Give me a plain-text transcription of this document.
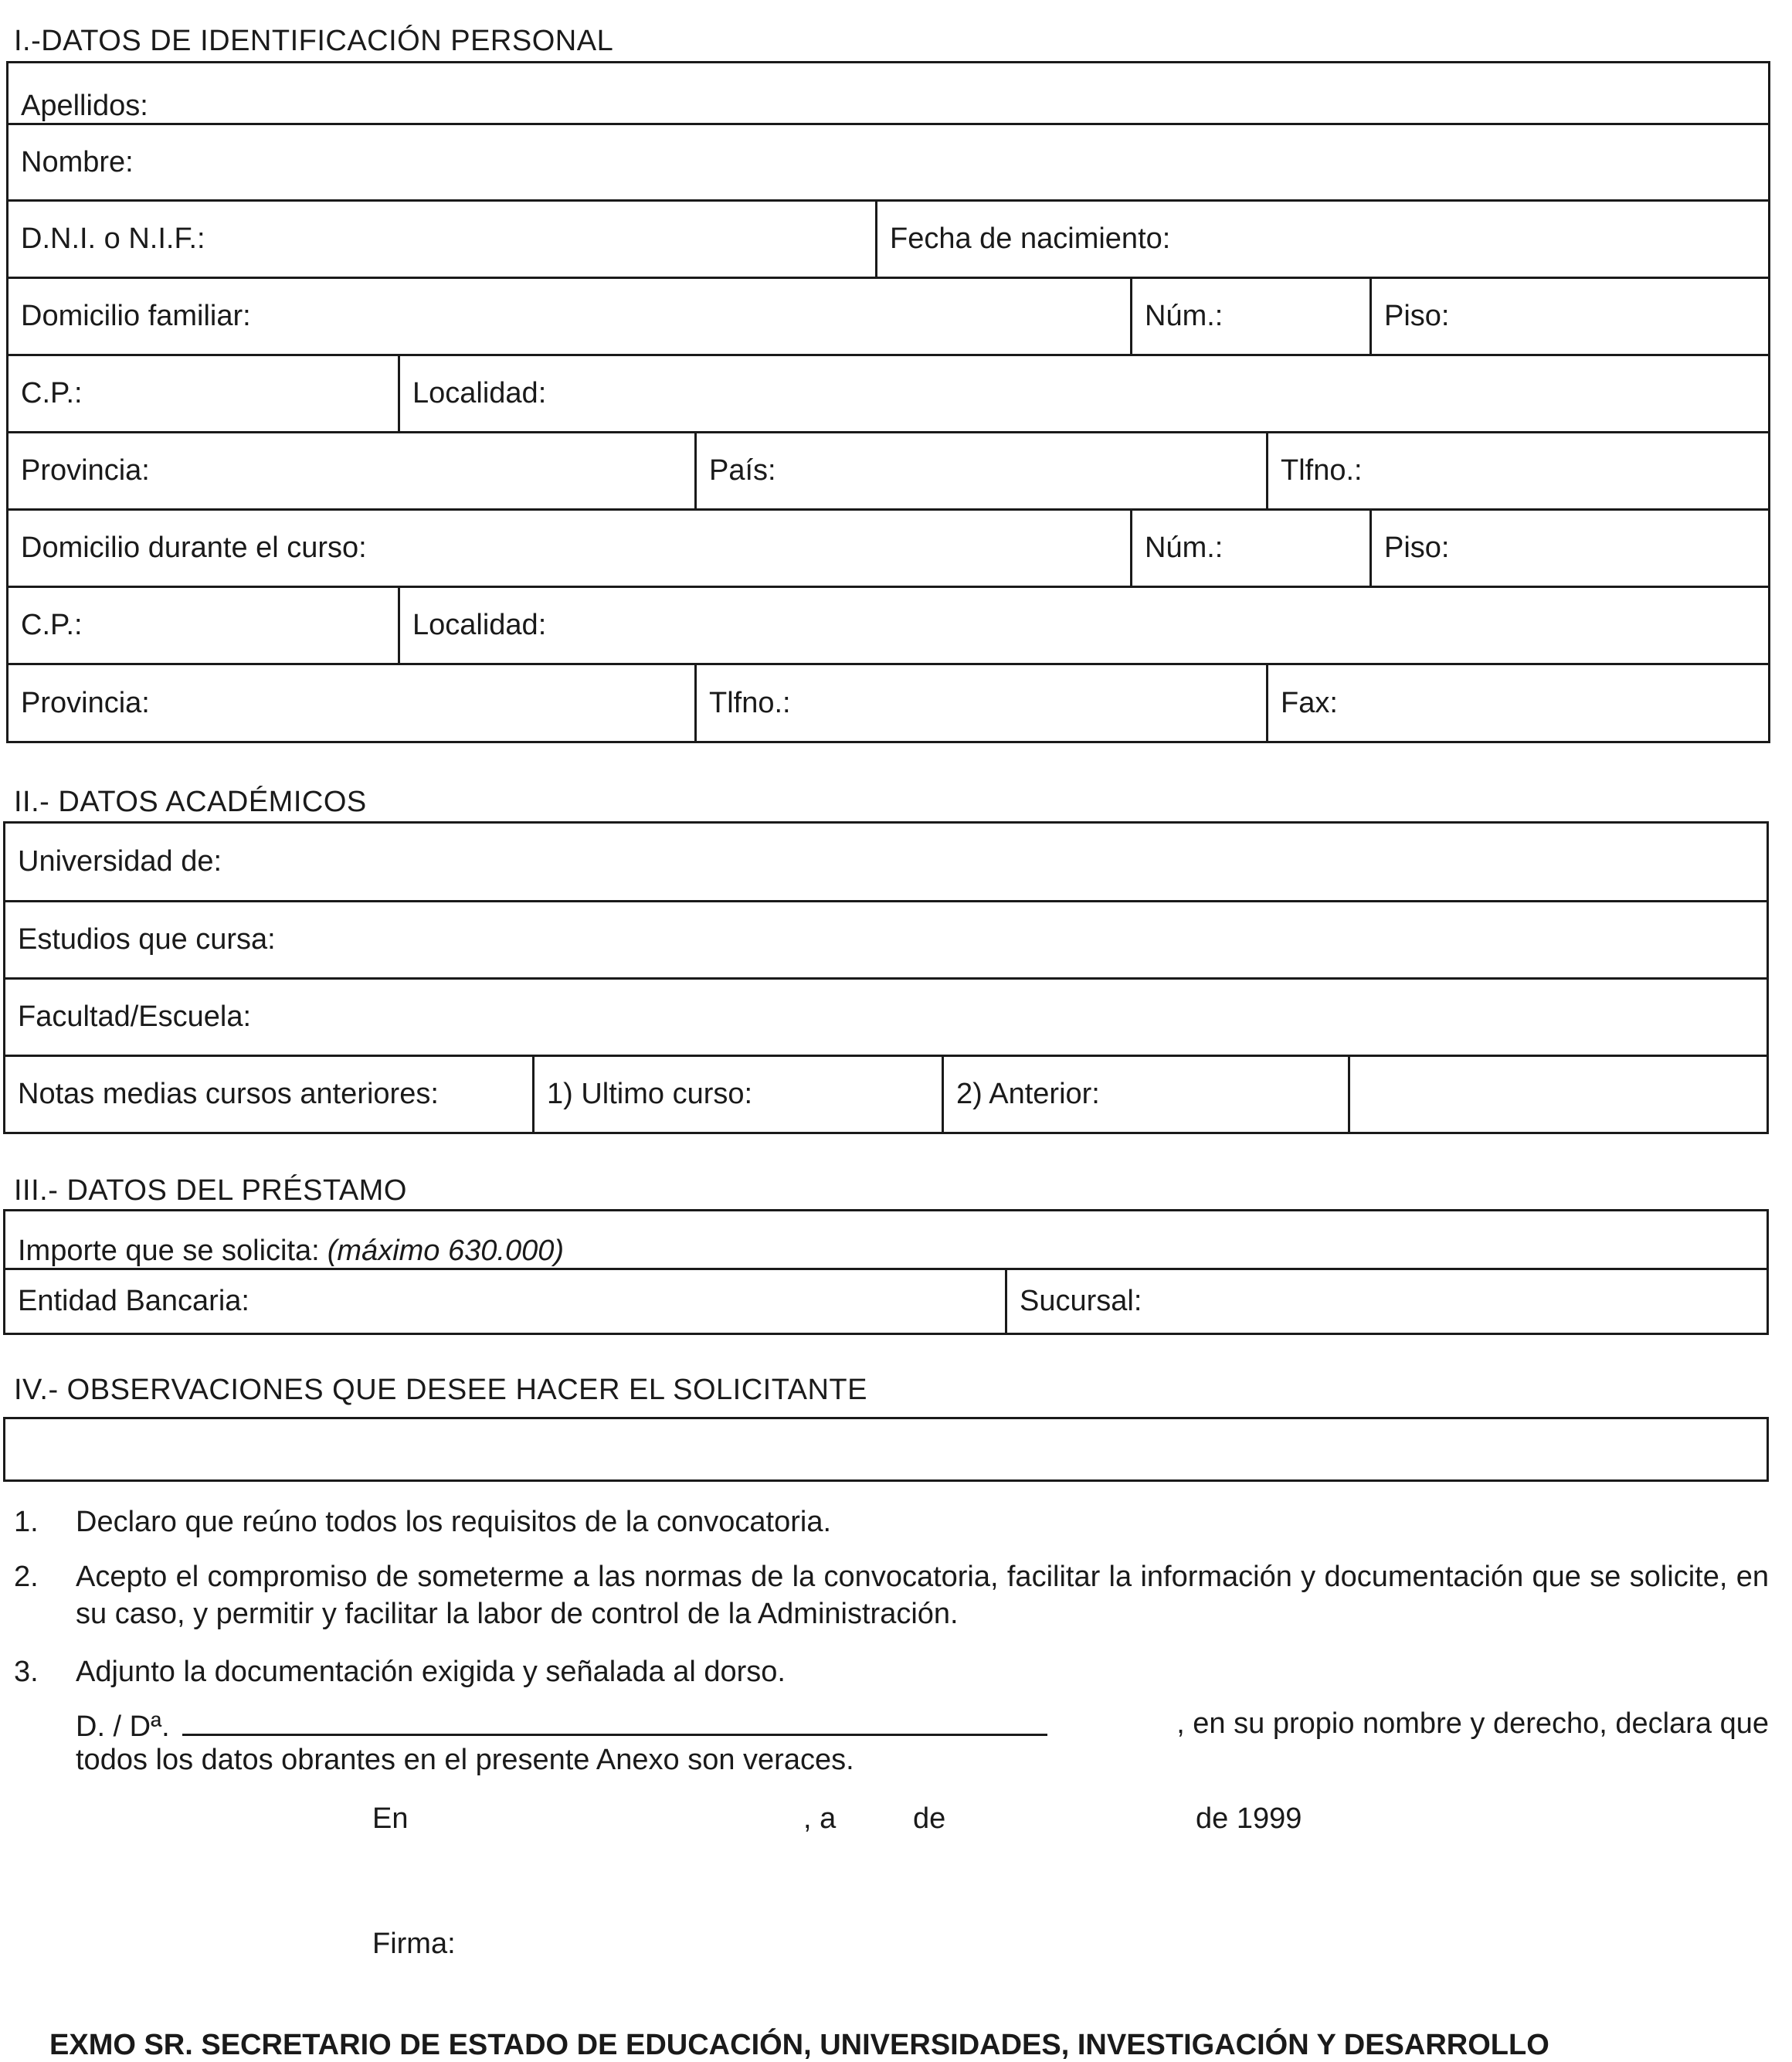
I.-DATOS DE IDENTIFICACIÓN PERSONAL
Apellidos:
Nombre:
D.N.I. o N.I.F.:	Fecha de nacimiento:
Domicilio familiar:	Núm.:	Piso:
C.P.:	Localidad:
Provincia:	País:	Tlfno.:
Domicilio durante el curso:	Núm.:	Piso:
C.P.:	Localidad:
Provincia:	Tlfno.:	Fax:
II.- DATOS ACADÉMICOS
Universidad de:
Estudios que cursa:
Facultad/Escuela:
Notas medias cursos anteriores:	1) Ultimo curso:	2) Anterior:
III.- DATOS DEL PRÉSTAMO
Importe que se solicita: (máximo 630.000)
Entidad Bancaria:	Sucursal:
IV.- OBSERVACIONES QUE DESEE HACER EL SOLICITANTE
1. Declaro que reúno todos los requisitos de la convocatoria.
2. Acepto el compromiso de someterme a las normas de la convocatoria, facilitar la información y documentación que se solicite, en su caso, y permitir y facilitar la labor de control de la Administración.
3. Adjunto la documentación exigida y señalada al dorso.
D. / Dª.	, en su propio nombre y derecho, declara que
todos los datos obrantes en el presente Anexo son veraces.
En	, a	de	de 1999
Firma:
EXMO SR. SECRETARIO DE ESTADO DE EDUCACIÓN, UNIVERSIDADES, INVESTIGACIÓN Y DESARROLLO
